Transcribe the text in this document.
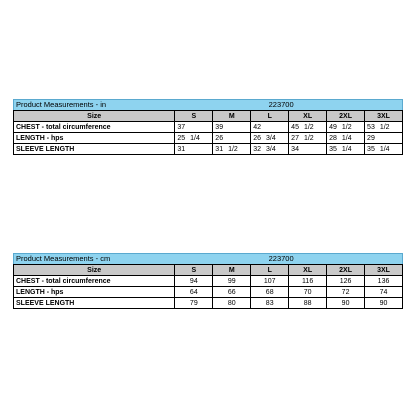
Product Measurements - in	223700
Size	S	M	L	XL	2XL	3XL
CHEST - total circumference	37	39	42	45 1/2	49 1/2	53 1/2
LENGTH - hps	25 1/4	26	26 3/4	27 1/2	28 1/4	29
SLEEVE LENGTH	31	31 1/2	32 3/4	34	35 1/4	35 1/4
Product Measurements - cm	223700
Size	S	M	L	XL	2XL	3XL
CHEST - total circumference	94	99	107	116	126	136
LENGTH - hps	64	66	68	70	72	74
SLEEVE LENGTH	79	80	83	88	90	90
